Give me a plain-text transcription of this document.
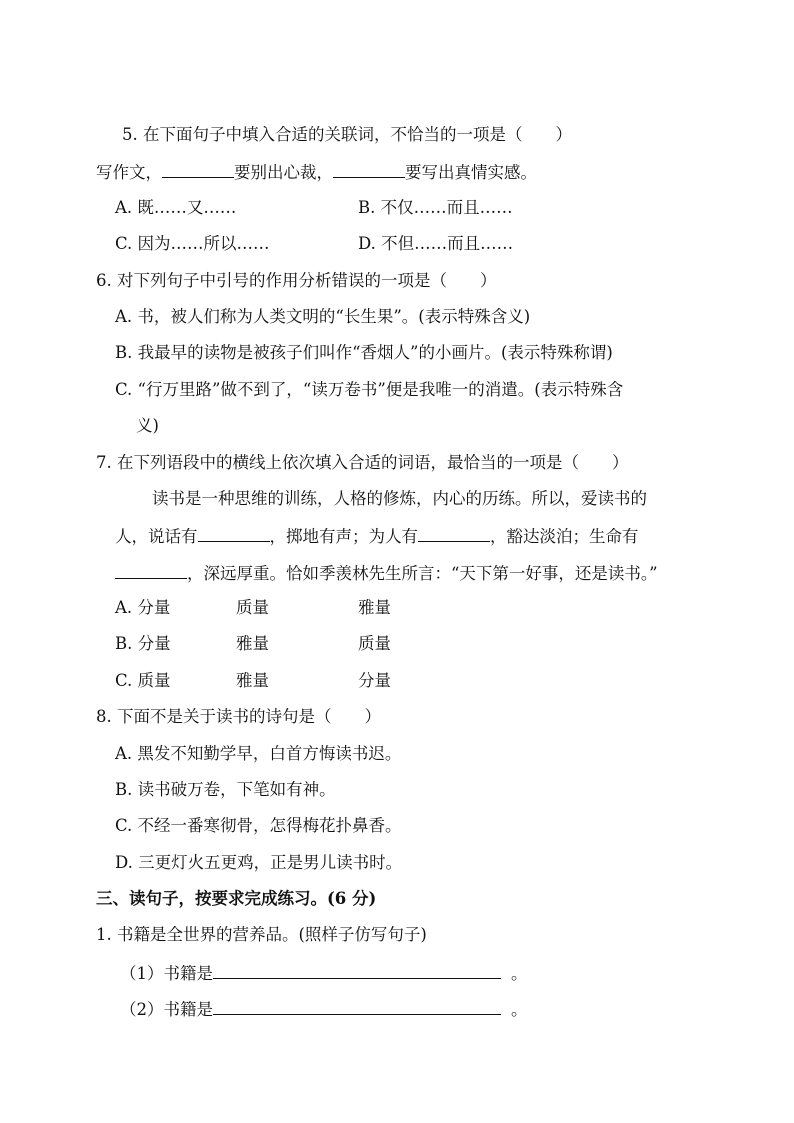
5. 在下面句子中填入合适的关联词，不恰当的一项是（　　）
写作文，	要别出心裁，	要写出真情实感。
A. 既……又……	B. 不仅……而且……
C. 因为……所以……	D. 不但……而且……
6. 对下列句子中引号的作用分析错误的一项是（　　）
A. 书，被人们称为人类文明的“长生果”。(表示特殊含义)
B. 我最早的读物是被孩子们叫作“香烟人”的小画片。(表示特殊称谓)
C. “行万里路”做不到了，“读万卷书”便是我唯一的消遣。(表示特殊含
义)
7. 在下列语段中的横线上依次填入合适的词语，最恰当的一项是（　　）
读书是一种思维的训练，人格的修炼，内心的历练。所以，爱读书的
人，说话有	，掷地有声；为人有	，豁达淡泊；生命有
，深远厚重。恰如季羡林先生所言：“天下第一好事，还是读书。”
A. 分量	质量	雅量
B. 分量	雅量	质量
C. 质量	雅量	分量
8. 下面不是关于读书的诗句是（　　）
A. 黑发不知勤学早，白首方悔读书迟。
B. 读书破万卷，下笔如有神。
C. 不经一番寒彻骨，怎得梅花扑鼻香。
D. 三更灯火五更鸡，正是男儿读书时。
三、读句子，按要求完成练习。(6 分)
1. 书籍是全世界的营养品。(照样子仿写句子)
（1）书籍是	。
（2）书籍是	。
